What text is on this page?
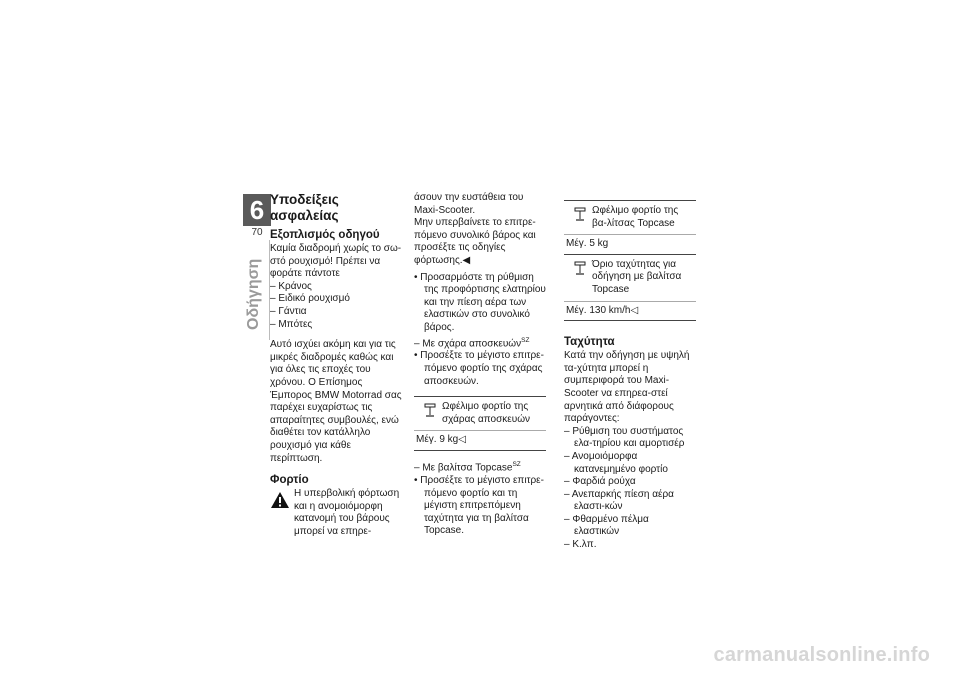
6
70
Οδήγηση
Υποδείξεις ασφαλείας
Εξοπλισμός οδηγού

Καμία διαδρομή χωρίς το σω-στό ρουχισμό! Πρέπει να φοράτε πάντοτε

– Κράνος
– Ειδικό ρουχισμό
– Γάντια
– Μπότες

Αυτό ισχύει ακόμη και για τις μικρές διαδρομές καθώς και για όλες τις εποχές του χρόνου. Ο Επίσημος Έμπορος BMW Motorrad σας παρέχει ευχαρίστως τις απαραίτητες συμβουλές, ενώ διαθέτει τον κατάλληλο ρουχισμό για κάθε περίπτωση.

Φορτίο

Η υπερβολική φόρτωση και η ανομοιόμορφη κατανομή του βάρους μπορεί να επηρε-

άσουν την ευστάθεια του Maxi-Scooter.

Μην υπερβαίνετε το επιτρε-πόμενο συνολικό βάρος και προσέξτε τις οδηγίες φόρτωσης.◀

• Προσαρμόστε τη ρύθμιση της προφόρτισης ελατηρίου και την πίεση αέρα των ελαστικών στο συνολικό βάρος.
– Με σχάρα αποσκευών$^{SZ}$
• Προσέξτε το μέγιστο επιτρε-πόμενο φορτίο της σχάρας αποσκευών.
Ωφέλιμο φορτίο της σχάρας αποσκευών
Μέγ. 9 kg◁
– Με βαλίτσα Topcase$^{SZ}$
• Προσέξτε το μέγιστο επιτρε-πόμενο φορτίο και τη μέγιστη επιτρεπόμενη ταχύτητα για τη βαλίτσα Topcase.
Ωφέλιμο φορτίο της βα-λίτσας Topcase
Μέγ. 5 kg
Όριο ταχύτητας για οδήγηση με βαλίτσα Topcase
Μέγ. 130 km/h◁
Ταχύτητα

Κατά την οδήγηση με υψηλή τα-χύτητα μπορεί η συμπεριφορά του Maxi-Scooter να επηρεα-στεί αρνητικά από διάφορους παράγοντες:

– Ρύθμιση του συστήματος ελα-τηρίου και αμορτισέρ
– Ανομοιόμορφα κατανεμημένο φορτίο
– Φαρδιά ρούχα
– Ανεπαρκής πίεση αέρα ελαστι-κών
– Φθαρμένο πέλμα ελαστικών
– Κ.λπ.
carmanualsonline.info
